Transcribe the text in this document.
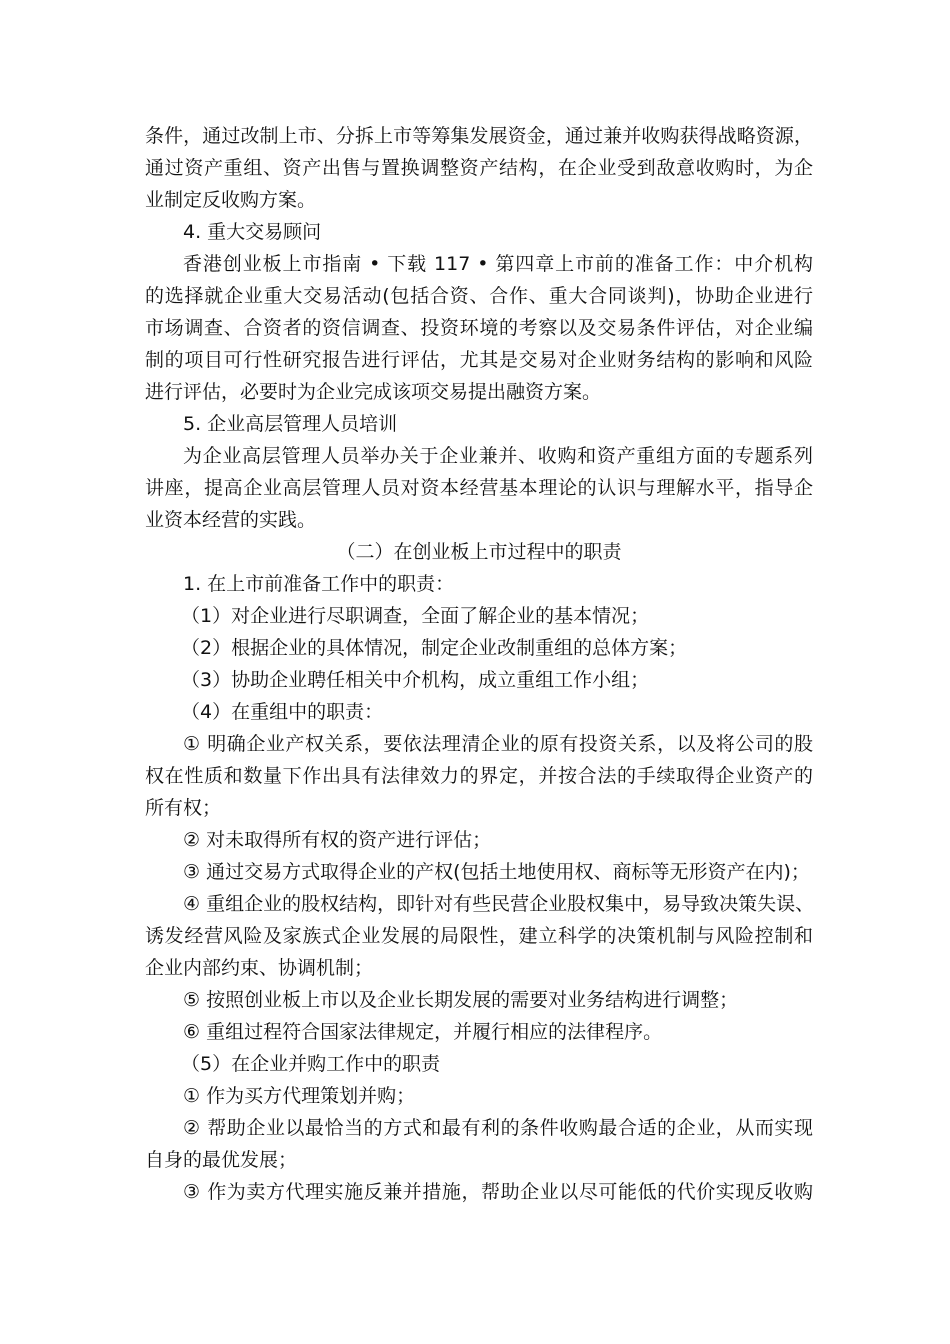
条件，通过改制上市、分拆上市等筹集发展资金，通过兼并收购获得战略资源，
通过资产重组、资产出售与置换调整资产结构，在企业受到敌意收购时，为企
业制定反收购方案。
4. 重大交易顾问
香港创业板上市指南 • 下载 117 • 第四章上市前的准备工作：中介机构
的选择就企业重大交易活动(包括合资、合作、重大合同谈判)，协助企业进行
市场调查、合资者的资信调查、投资环境的考察以及交易条件评估，对企业编
制的项目可行性研究报告进行评估，尤其是交易对企业财务结构的影响和风险
进行评估，必要时为企业完成该项交易提出融资方案。
5. 企业高层管理人员培训
为企业高层管理人员举办关于企业兼并、收购和资产重组方面的专题系列
讲座，提高企业高层管理人员对资本经营基本理论的认识与理解水平，指导企
业资本经营的实践。
（二）在创业板上市过程中的职责
1. 在上市前准备工作中的职责：
（1）对企业进行尽职调查，全面了解企业的基本情况；
（2）根据企业的具体情况，制定企业改制重组的总体方案；
（3）协助企业聘任相关中介机构，成立重组工作小组；
（4）在重组中的职责：
① 明确企业产权关系，要依法理清企业的原有投资关系，以及将公司的股
权在性质和数量下作出具有法律效力的界定，并按合法的手续取得企业资产的
所有权；
② 对未取得所有权的资产进行评估；
③ 通过交易方式取得企业的产权(包括土地使用权、商标等无形资产在内)；
④ 重组企业的股权结构，即针对有些民营企业股权集中，易导致决策失误、
诱发经营风险及家族式企业发展的局限性，建立科学的决策机制与风险控制和
企业内部约束、协调机制；
⑤ 按照创业板上市以及企业长期发展的需要对业务结构进行调整；
⑥ 重组过程符合国家法律规定，并履行相应的法律程序。
（5）在企业并购工作中的职责
① 作为买方代理策划并购；
② 帮助企业以最恰当的方式和最有利的条件收购最合适的企业，从而实现
自身的最优发展；
③ 作为卖方代理实施反兼并措施，帮助企业以尽可能低的代价实现反收购
